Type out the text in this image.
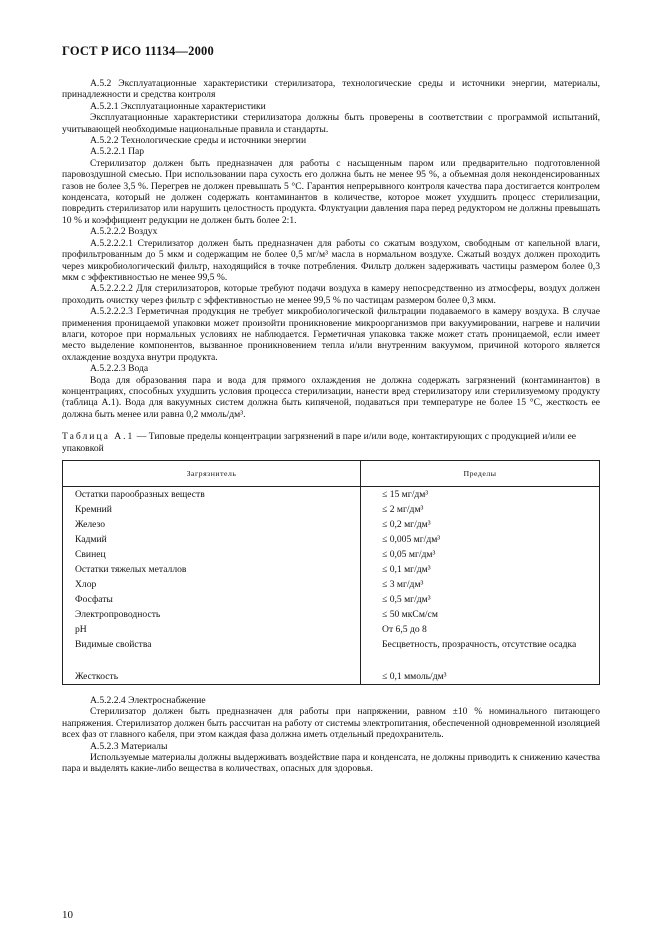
ГОСТ Р ИСО 11134—2000

А.5.2 Эксплуатационные характеристики стерилизатора, технологические среды и источники энергии, материалы, принадлежности и средства контроля

А.5.2.1 Эксплуатационные характеристики

Эксплуатационные характеристики стерилизатора должны быть проверены в соответствии с программой испытаний, учитывающей необходимые национальные правила и стандарты.

А.5.2.2 Технологические среды и источники энергии

А.5.2.2.1 Пар

Стерилизатор должен быть предназначен для работы с насыщенным паром или предварительно подготовленной паровоздушной смесью. При использовании пара сухость его должна быть не менее 95 %, а объемная доля неконденсированных газов не более 3,5 %. Перегрев не должен превышать 5 °С. Гарантия непрерывного контроля качества пара достигается контролем конденсата, который не должен содержать контаминантов в количестве, которое может ухудшить процесс стерилизации, повредить стерилизатор или нарушить целостность продукта. Флуктуации давления пара перед редуктором не должны превышать 10 % и коэффициент редукции не должен быть более 2:1.

А.5.2.2.2 Воздух

А.5.2.2.2.1 Стерилизатор должен быть предназначен для работы со сжатым воздухом, свободным от капельной влаги, профильтрованным до 5 мкм и содержащим не более 0,5 мг/м³ масла в нормальном воздухе. Сжатый воздух должен проходить через микробиологический фильтр, находящийся в точке потребления. Фильтр должен задерживать частицы размером более 0,3 мкм с эффективностью не менее 99,5 %.

А.5.2.2.2.2 Для стерилизаторов, которые требуют подачи воздуха в камеру непосредственно из атмосферы, воздух должен проходить очистку через фильтр с эффективностью не менее 99,5 % по частицам размером более 0,3 мкм.

А.5.2.2.2.3 Герметичная продукция не требует микробиологической фильтрации подаваемого в камеру воздуха. В случае применения проницаемой упаковки может произойти проникновение микроорганизмов при вакуумировании, нагреве и наличии влаги, которое при нормальных условиях не наблюдается. Герметичная упаковка также может стать проницаемой, если имеет место выделение компонентов, вызванное проникновением тепла и/или внутренним вакуумом, причиной которого является охлаждение воздуха внутри продукта.

А.5.2.2.3 Вода

Вода для образования пара и вода для прямого охлаждения не должна содержать загрязнений (контаминантов) в концентрациях, способных ухудшить условия процесса стерилизации, нанести вред стерилизатору или стерилизуемому продукту (таблица А.1). Вода для вакуумных систем должна быть кипяченой, подаваться при температуре не более 15 °С, жесткость ее должна быть менее или равна 0,2 ммоль/дм³.

Таблица А.1 — Типовые пределы концентрации загрязнений в паре и/или воде, контактирующих с продукцией и/или ее упаковкой
Загрязнитель	Пределы
Остатки парообразных веществ	≤ 15 мг/дм³
Кремний	≤ 2 мг/дм³
Железо	≤ 0,2 мг/дм³
Кадмий	≤ 0,005 мг/дм³
Свинец	≤ 0,05 мг/дм³
Остатки тяжелых металлов	≤ 0,1 мг/дм³
Хлор	≤ 3 мг/дм³
Фосфаты	≤ 0,5 мг/дм³
Электропроводность	≤ 50 мкСм/см
pH	От 6,5 до 8
Видимые свойства	Бесцветность, прозрачность, отсутствие осадка
Жесткость	≤ 0,1 ммоль/дм³

А.5.2.2.4 Электроснабжение

Стерилизатор должен быть предназначен для работы при напряжении, равном ±10 % номинального питающего напряжения. Стерилизатор должен быть рассчитан на работу от системы электропитания, обеспеченной одновременной изоляцией всех фаз от главного кабеля, при этом каждая фаза должна иметь отдельный предохранитель.

А.5.2.3 Материалы

Используемые материалы должны выдерживать воздействие пара и конденсата, не должны приводить к снижению качества пара и выделять какие-либо вещества в количествах, опасных для здоровья.

10
